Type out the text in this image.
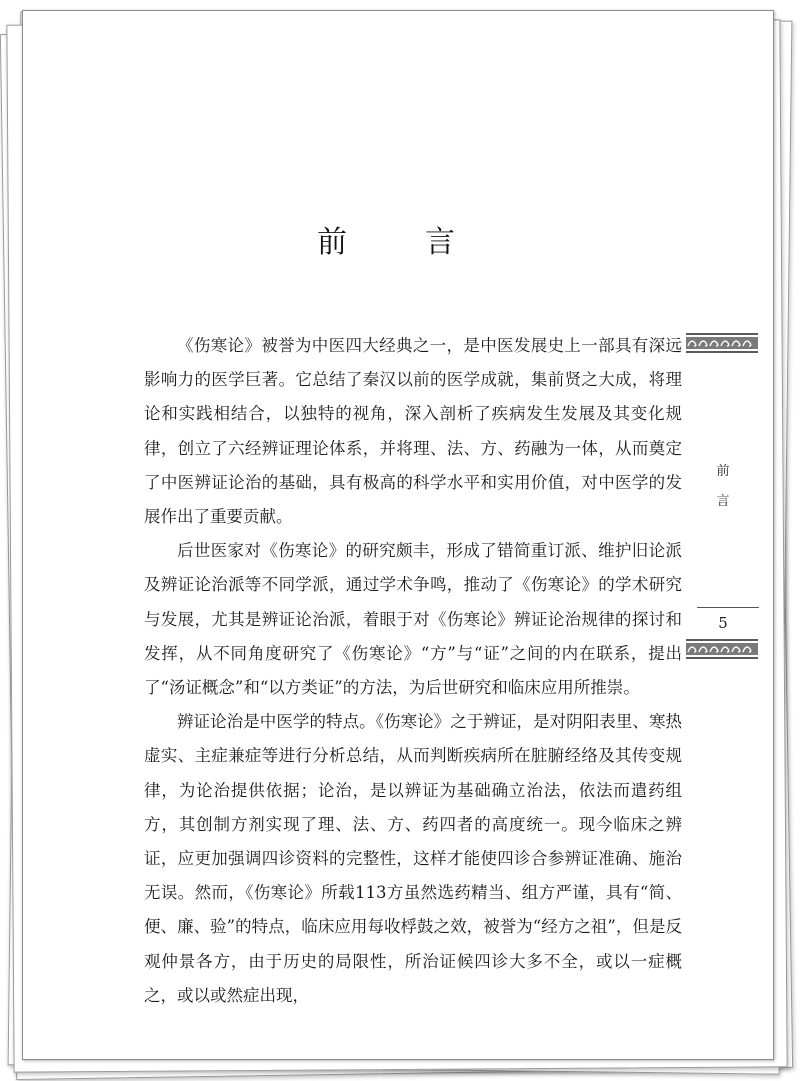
前　言

《伤寒论》被誉为中医四大经典之一，是中医发展史上一部具有深远影响力的医学巨著。它总结了秦汉以前的医学成就，集前贤之大成，将理论和实践相结合，以独特的视角，深入剖析了疾病发生发展及其变化规律，创立了六经辨证理论体系，并将理、法、方、药融为一体，从而奠定了中医辨证论治的基础，具有极高的科学水平和实用价值，对中医学的发展作出了重要贡献。

后世医家对《伤寒论》的研究颇丰，形成了错简重订派、维护旧论派及辨证论治派等不同学派，通过学术争鸣，推动了《伤寒论》的学术研究与发展，尤其是辨证论治派，着眼于对《伤寒论》辨证论治规律的探讨和发挥，从不同角度研究了《伤寒论》“方”与“证”之间的内在联系，提出了“汤证概念”和“以方类证”的方法，为后世研究和临床应用所推崇。

辨证论治是中医学的特点。《伤寒论》之于辨证，是对阴阳表里、寒热虚实、主症兼症等进行分析总结，从而判断疾病所在脏腑经络及其传变规律，为论治提供依据；论治，是以辨证为基础确立治法，依法而遣药组方，其创制方剂实现了理、法、方、药四者的高度统一。现今临床之辨证，应更加强调四诊资料的完整性，这样才能使四诊合参辨证准确、施治无误。然而，《伤寒论》所载113方虽然选药精当、组方严谨，具有“简、便、廉、验”的特点，临床应用每收桴鼓之效，被誉为“经方之祖”，但是反观仲景各方，由于历史的局限性，所治证候四诊大多不全，或以一症概之，或以或然症出现，

前
言
5
